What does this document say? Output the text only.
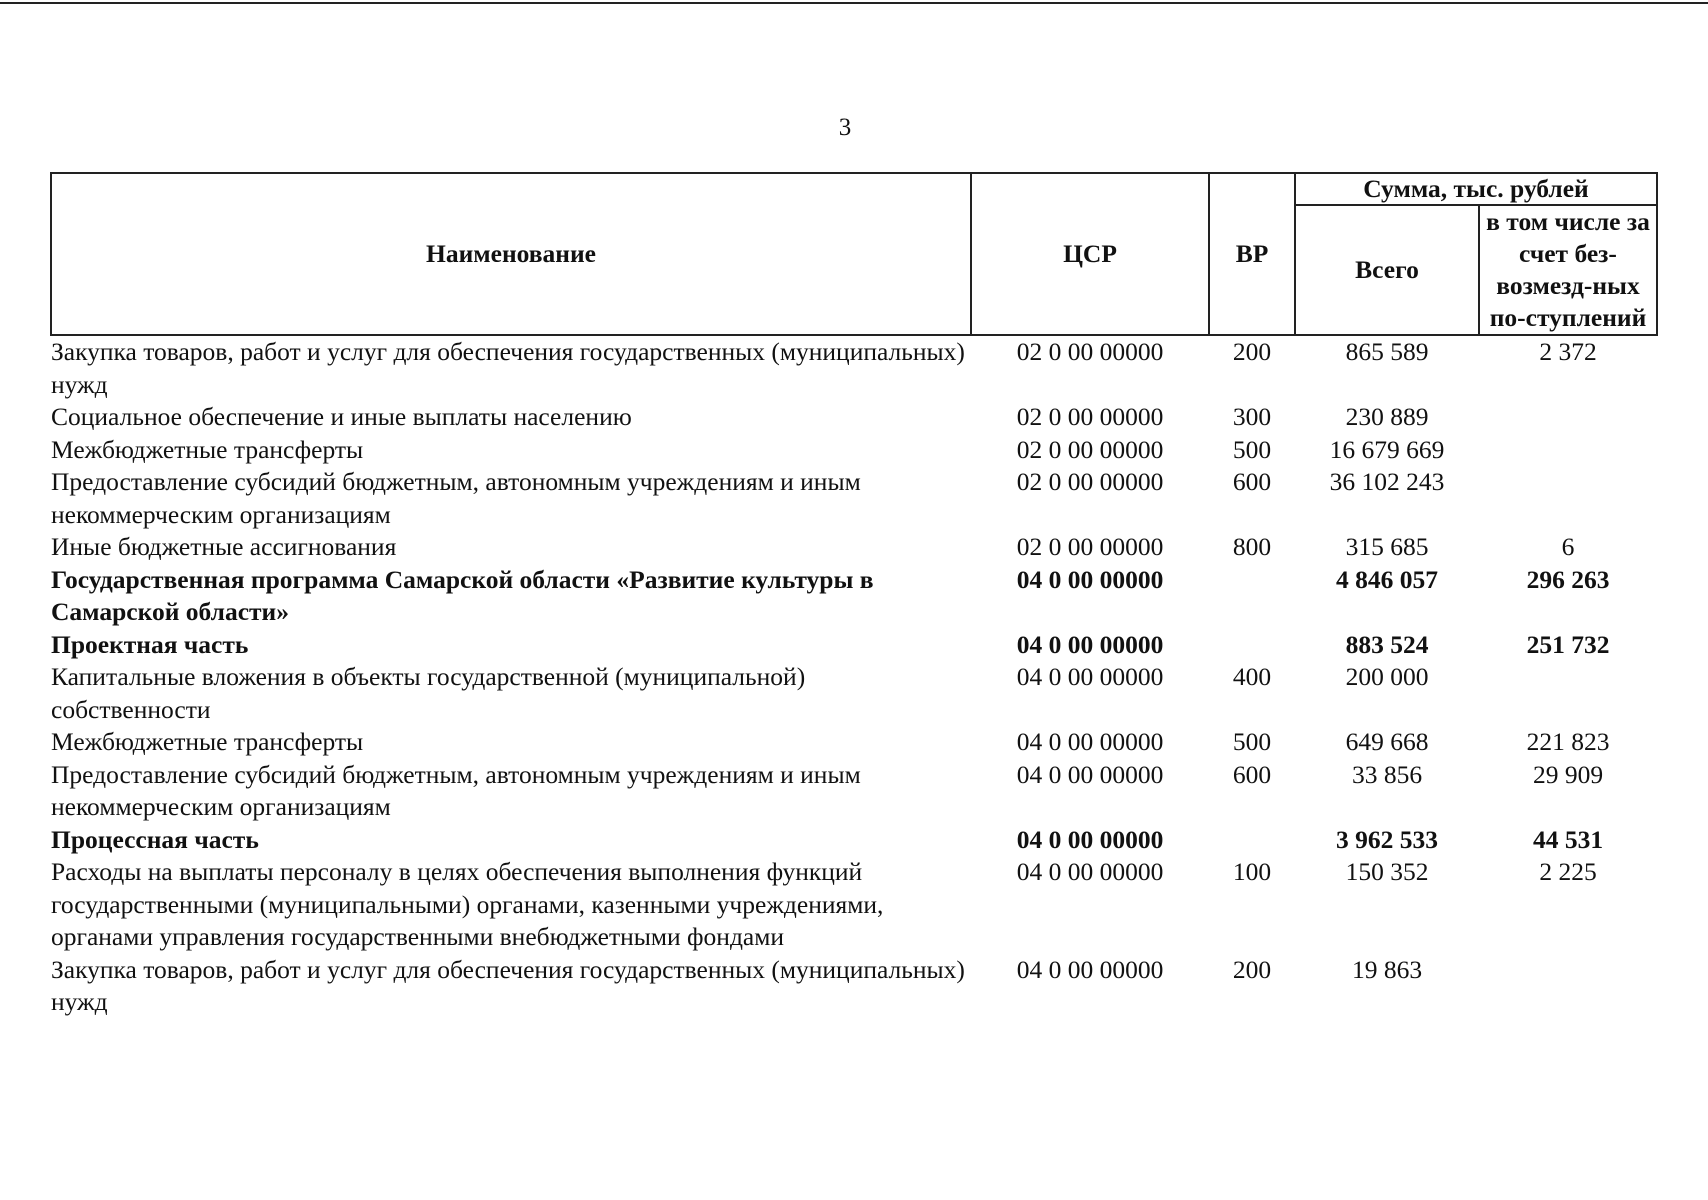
3
Наименование	ЦСР	ВР	Сумма, тыс. рублей	
			Всего	в том числе за счет без-возмезд-ных по-ступлений
Закупка товаров, работ и услуг для обеспечения государственных (муниципальных) нужд	02 0 00 00000	200	865 589	2 372
Социальное обеспечение и иные выплаты населению	02 0 00 00000	300	230 889	
Межбюджетные трансферты	02 0 00 00000	500	16 679 669	
Предоставление субсидий бюджетным, автономным учреждениям и иным некоммерческим организациям	02 0 00 00000	600	36 102 243	
Иные бюджетные ассигнования	02 0 00 00000	800	315 685	6
Государственная программа Самарской области «Развитие культуры в Самарской области»	04 0 00 00000		4 846 057	296 263
Проектная часть	04 0 00 00000		883 524	251 732
Капитальные вложения в объекты государственной (муниципальной) собственности	04 0 00 00000	400	200 000	
Межбюджетные трансферты	04 0 00 00000	500	649 668	221 823
Предоставление субсидий бюджетным, автономным учреждениям и иным некоммерческим организациям	04 0 00 00000	600	33 856	29 909
Процессная часть	04 0 00 00000		3 962 533	44 531
Расходы на выплаты персоналу в целях обеспечения выполнения функций государственными (муниципальными) органами, казенными учреждениями, органами управления государственными внебюджетными фондами	04 0 00 00000	100	150 352	2 225
Закупка товаров, работ и услуг для обеспечения государственных (муниципальных) нужд	04 0 00 00000	200	19 863	
